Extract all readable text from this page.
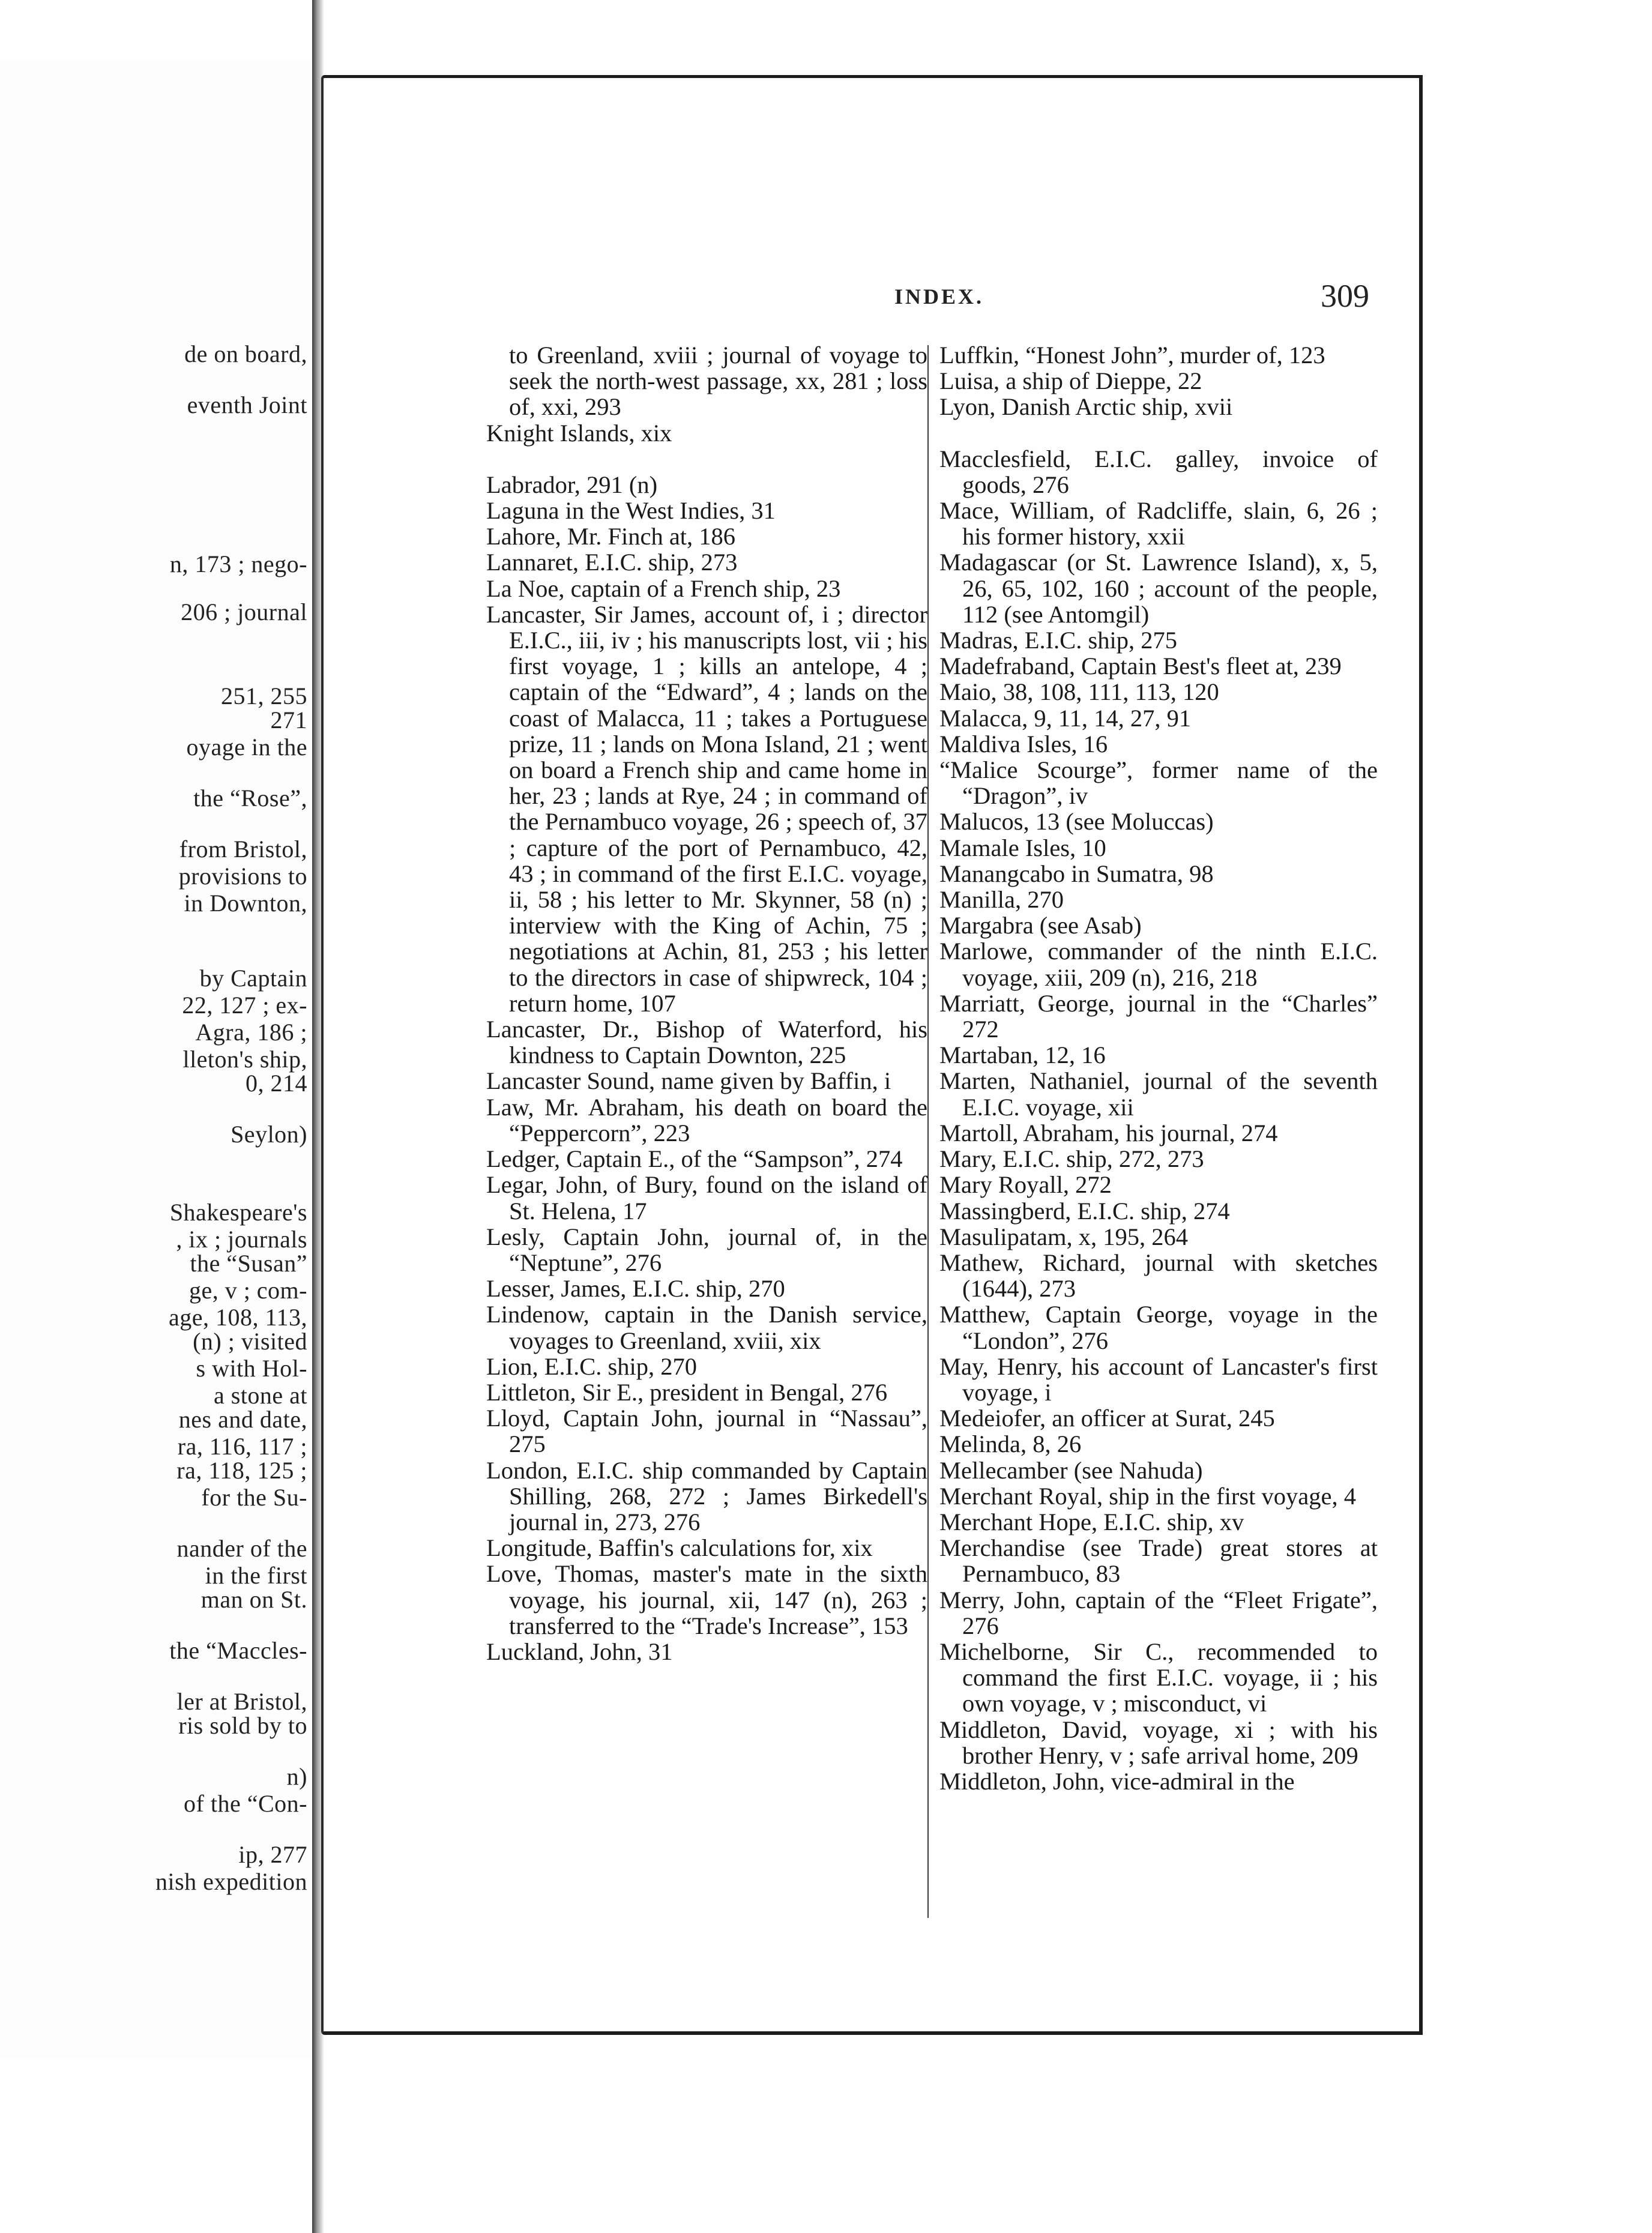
de on board,
eventh Joint
n, 173 ; nego-
206 ; journal
251, 255
271
oyage in the
the “Rose”,
from Bristol,
provisions to
in Downton,
by Captain
22, 127 ; ex-
Agra, 186 ;
lleton's ship,
0, 214
Seylon)
Shakespeare's
, ix ; journals
the “Susan”
ge, v ; com-
age, 108, 113,
(n) ; visited
s with Hol-
a stone at
nes and date,
ra, 116, 117 ;
ra, 118, 125 ;
for the Su-
nander of the
in the first
man on St.
the “Maccles-
ler at Bristol,
ris sold by to
n)
of the “Con-
ip, 277
nish expedition
INDEX.	309
to Greenland, xviii ; journal of voyage to seek the north-west passage, xx, 281 ; loss of, xxi, 293
Knight Islands, xix
Labrador, 291 (n)
Laguna in the West Indies, 31
Lahore, Mr. Finch at, 186
Lannaret, E.I.C. ship, 273
La Noe, captain of a French ship, 23
Lancaster, Sir James, account of, i ; director E.I.C., iii, iv ; his manuscripts lost, vii ; his first voyage, 1 ; kills an antelope, 4 ; captain of the “Edward”, 4 ; lands on the coast of Malacca, 11 ; takes a Portuguese prize, 11 ; lands on Mona Island, 21 ; went on board a French ship and came home in her, 23 ; lands at Rye, 24 ; in command of the Pernambuco voyage, 26 ; speech of, 37 ; capture of the port of Pernambuco, 42, 43 ; in command of the first E.I.C. voyage, ii, 58 ; his letter to Mr. Skynner, 58 (n) ; interview with the King of Achin, 75 ; negotiations at Achin, 81, 253 ; his letter to the directors in case of shipwreck, 104 ; return home, 107
Lancaster, Dr., Bishop of Waterford, his kindness to Captain Downton, 225
Lancaster Sound, name given by Baffin, i
Law, Mr. Abraham, his death on board the “Peppercorn”, 223
Ledger, Captain E., of the “Sampson”, 274
Legar, John, of Bury, found on the island of St. Helena, 17
Lesly, Captain John, journal of, in the “Neptune”, 276
Lesser, James, E.I.C. ship, 270
Lindenow, captain in the Danish service, voyages to Greenland, xviii, xix
Lion, E.I.C. ship, 270
Littleton, Sir E., president in Bengal, 276
Lloyd, Captain John, journal in “Nassau”, 275
London, E.I.C. ship commanded by Captain Shilling, 268, 272 ; James Birkedell's journal in, 273, 276
Longitude, Baffin's calculations for, xix
Love, Thomas, master's mate in the sixth voyage, his journal, xii, 147 (n), 263 ; transferred to the “Trade's Increase”, 153
Luckland, John, 31
Luffkin, “Honest John”, murder of, 123
Luisa, a ship of Dieppe, 22
Lyon, Danish Arctic ship, xvii
Macclesfield, E.I.C. galley, invoice of goods, 276
Mace, William, of Radcliffe, slain, 6, 26 ; his former history, xxii
Madagascar (or St. Lawrence Island), x, 5, 26, 65, 102, 160 ; account of the people, 112 (see Antomgil)
Madras, E.I.C. ship, 275
Madefraband, Captain Best's fleet at, 239
Maio, 38, 108, 111, 113, 120
Malacca, 9, 11, 14, 27, 91
Maldiva Isles, 16
“Malice Scourge”, former name of the “Dragon”, iv
Malucos, 13 (see Moluccas)
Mamale Isles, 10
Manangcabo in Sumatra, 98
Manilla, 270
Margabra (see Asab)
Marlowe, commander of the ninth E.I.C. voyage, xiii, 209 (n), 216, 218
Marriatt, George, journal in the “Charles” 272
Martaban, 12, 16
Marten, Nathaniel, journal of the seventh E.I.C. voyage, xii
Martoll, Abraham, his journal, 274
Mary, E.I.C. ship, 272, 273
Mary Royall, 272
Massingberd, E.I.C. ship, 274
Masulipatam, x, 195, 264
Mathew, Richard, journal with sketches (1644), 273
Matthew, Captain George, voyage in the “London”, 276
May, Henry, his account of Lancaster's first voyage, i
Medeiofer, an officer at Surat, 245
Melinda, 8, 26
Mellecamber (see Nahuda)
Merchant Royal, ship in the first voyage, 4
Merchant Hope, E.I.C. ship, xv
Merchandise (see Trade) great stores at Pernambuco, 83
Merry, John, captain of the “Fleet Frigate”, 276
Michelborne, Sir C., recommended to command the first E.I.C. voyage, ii ; his own voyage, v ; misconduct, vi
Middleton, David, voyage, xi ; with his brother Henry, v ; safe arrival home, 209
Middleton, John, vice-admiral in the
